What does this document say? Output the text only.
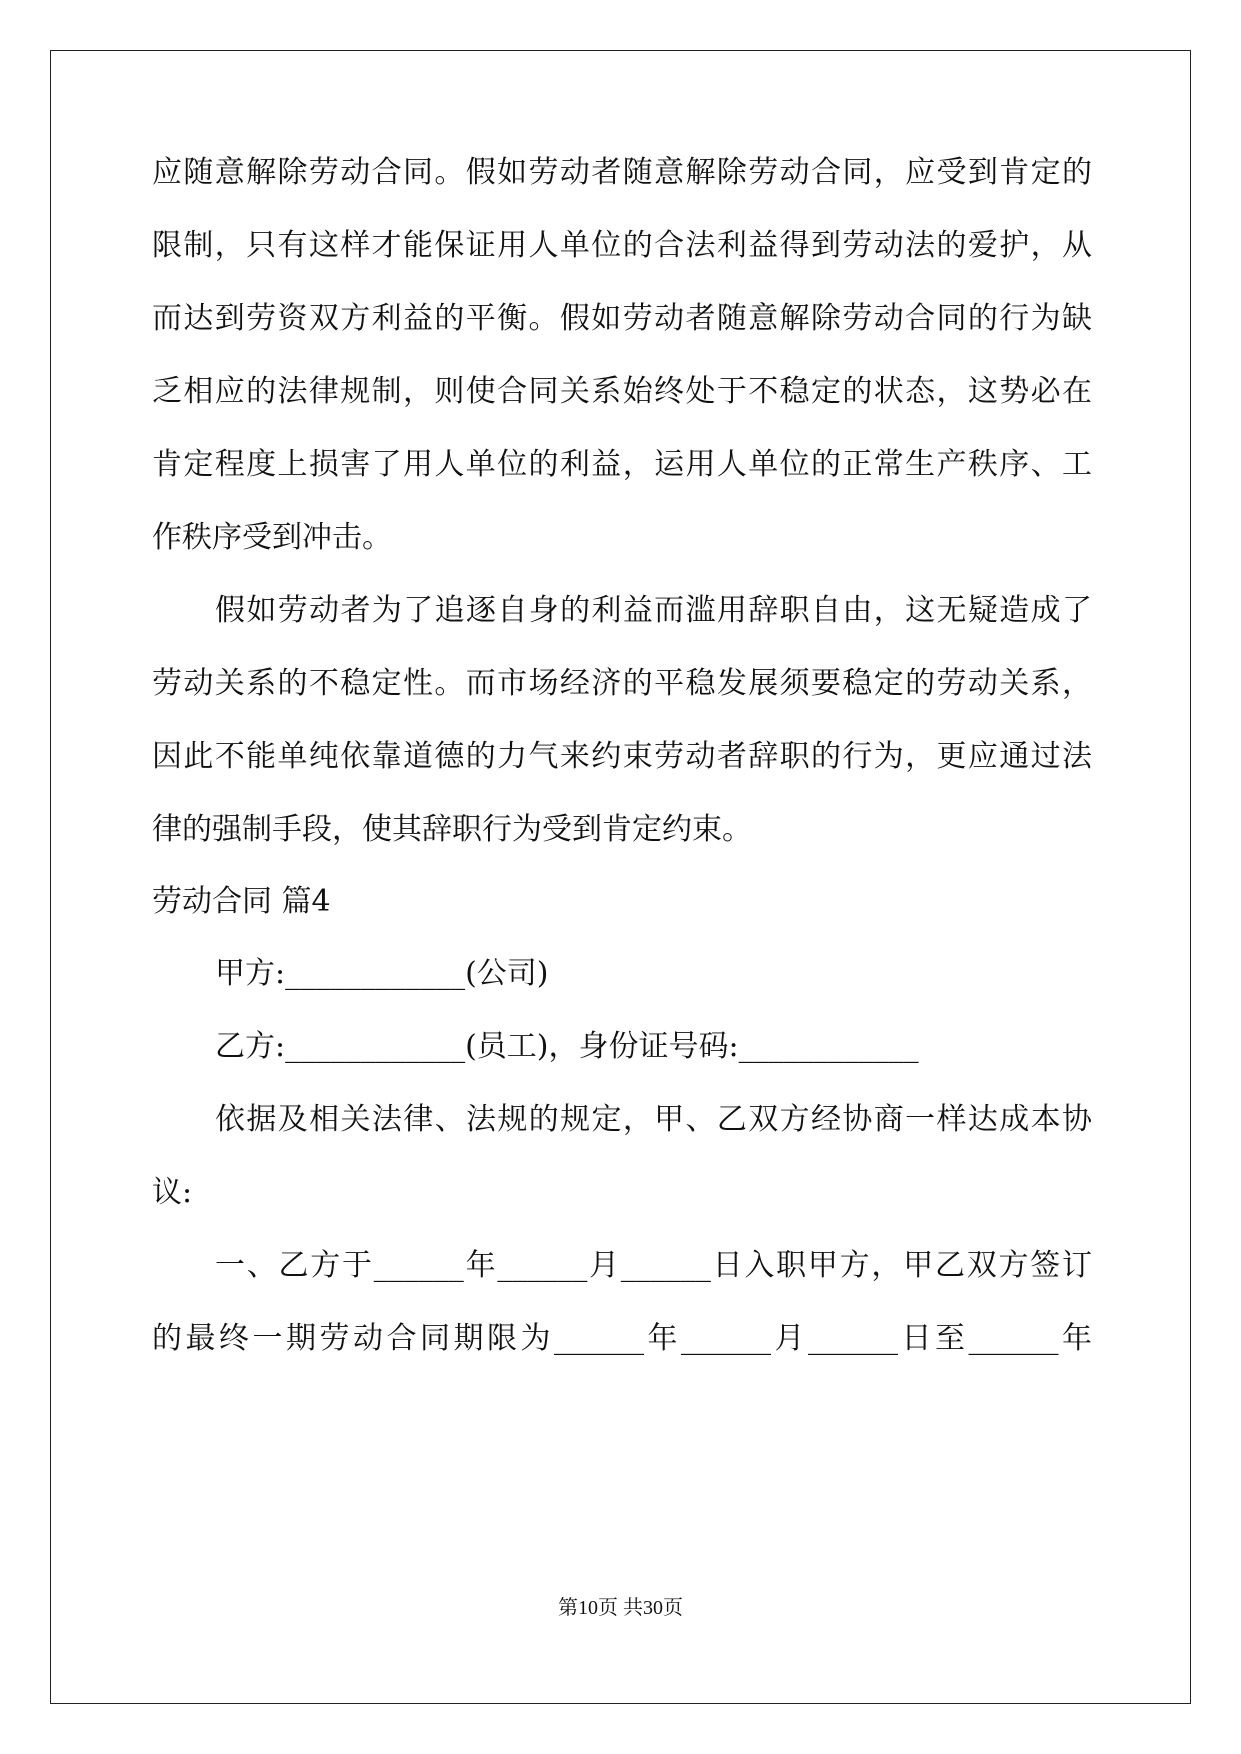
应随意解除劳动合同。假如劳动者随意解除劳动合同，应受到肯定的
限制，只有这样才能保证用人单位的合法利益得到劳动法的爱护，从
而达到劳资双方利益的平衡。假如劳动者随意解除劳动合同的行为缺
乏相应的法律规制，则使合同关系始终处于不稳定的状态，这势必在
肯定程度上损害了用人单位的利益，运用人单位的正常生产秩序、工
作秩序受到冲击。
假如劳动者为了追逐自身的利益而滥用辞职自由，这无疑造成了
劳动关系的不稳定性。而市场经济的平稳发展须要稳定的劳动关系，
因此不能单纯依靠道德的力气来约束劳动者辞职的行为，更应通过法
律的强制手段，使其辞职行为受到肯定约束。
劳动合同 篇4
甲方:____________(公司)
乙方:____________(员工)，身份证号码:____________
依据及相关法律、法规的规定，甲、乙双方经协商一样达成本协
议:
一、乙方于______年______月______日入职甲方，甲乙双方签订
的最终一期劳动合同期限为______年______月______日至______年
第10页 共30页
